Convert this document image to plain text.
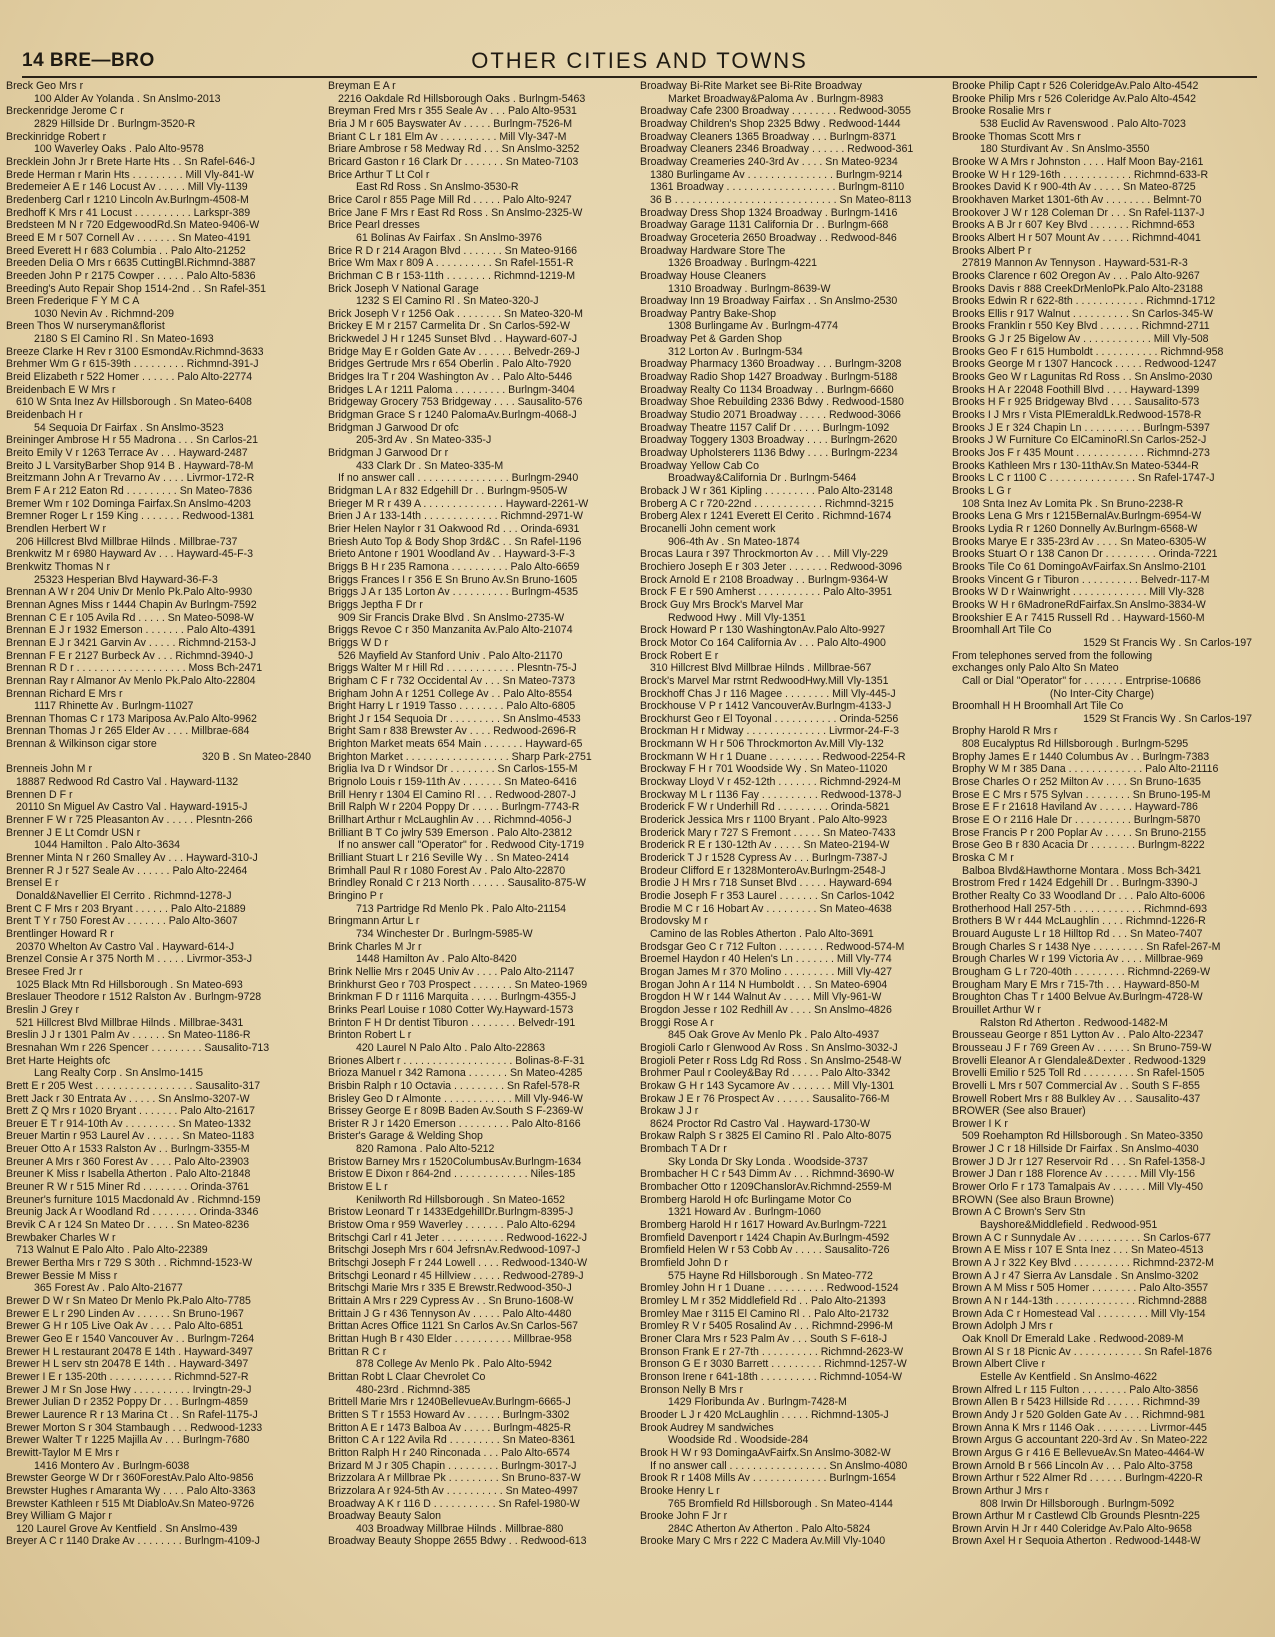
14 BRE—BRO	OTHER CITIES AND TOWNS
Breck Geo Mrs r
100 Alder Av Yolanda . Sn Anslmo-2013
Breckenridge Jerome C r
2829 Hillside Dr . Burlngm-3520-R
Breckinridge Robert r
100 Waverley Oaks . Palo Alto-9578
Brecklein John Jr r Brete Harte Hts . . Sn Rafel-646-J
Brede Herman r Marin Hts . . . . . . . . . Mill Vly-841-W
Bredemeier A E r 146 Locust Av . . . . . Mill Vly-1139
Bredenberg Carl r 1210 Lincoln Av.Burlngm-4508-M
Bredhoff K Mrs r 41 Locust . . . . . . . . . . Larkspr-389
Bredsteen M N r 720 EdgewoodRd.Sn Mateo-9406-W
Breed E M r 507 Cornell Av . . . . . . . Sn Mateo-4191
Breed Everett H r 683 Columbia . . Palo Alto-21252
Breeden Delia O Mrs r 6635 CuttingBl.Richmnd-3887
Breeden John P r 2175 Cowper . . . . . Palo Alto-5836
Breeding's Auto Repair Shop 1514-2nd . . Sn Rafel-351
Breen Frederique F Y M C A
1030 Nevin Av . Richmnd-209
Breen Thos W nurseryman&florist
2180 S El Camino Rl . Sn Mateo-1693
Breeze Clarke H Rev r 3100 EsmondAv.Richmnd-3633
Brehmer Wm G r 615-39th . . . . . . . . . Richmnd-391-J
Breid Elizabeth r 522 Homer . . . . . . Palo Alto-22774
Breidenbach E W Mrs r
610 W Snta Inez Av Hillsborough . Sn Mateo-6408
Breidenbach H r
54 Sequoia Dr Fairfax . Sn Anslmo-3523
Breininger Ambrose H r 55 Madrona . . . Sn Carlos-21
Breito Emily V r 1263 Terrace Av . . . Hayward-2487
Breito J L VarsityBarber Shop 914 B . Hayward-78-M
Breitzmann John A r Trevarno Av . . . . Livrmor-172-R
Brem F A r 212 Eaton Rd . . . . . . . . . Sn Mateo-7836
Bremer Wm r 102 Dominga Fairfax.Sn Anslmo-4203
Bremner Roger L r 159 King . . . . . . . Redwood-1381
Brendlen Herbert W r
206 Hillcrest Blvd Millbrae Hilnds . Millbrae-737
Brenkwitz M r 6980 Hayward Av . . . Hayward-45-F-3
Brenkwitz Thomas N r
25323 Hesperian Blvd Hayward-36-F-3
Brennan A W r 204 Univ Dr Menlo Pk.Palo Alto-9930
Brennan Agnes Miss r 1444 Chapin Av Burlngm-7592
Brennan C E r 105 Avila Rd . . . . . Sn Mateo-5098-W
Brennan E J r 1932 Emerson . . . . . . . Palo Alto-4391
Brennan E J r 3421 Garvin Av . . . . . Richmnd-2153-J
Brennan F E r 2127 Burbeck Av . . . Richmnd-3940-J
Brennan R D r . . . . . . . . . . . . . . . . . . . Moss Bch-2471
Brennan Ray r Almanor Av Menlo Pk.Palo Alto-22804
Brennan Richard E Mrs r
1117 Rhinette Av . Burlngm-11027
Brennan Thomas C r 173 Mariposa Av.Palo Alto-9962
Brennan Thomas J r 265 Elder Av . . . . Millbrae-684
Brennan & Wilkinson cigar store
320 B . Sn Mateo-2840
Brenneis John M r
18887 Redwood Rd Castro Val . Hayward-1132
Brennen D F r
20110 Sn Miguel Av Castro Val . Hayward-1915-J
Brenner F W r 725 Pleasanton Av . . . . . Plesntn-266
Brenner J E Lt Comdr USN r
1044 Hamilton . Palo Alto-3634
Brenner Minta N r 260 Smalley Av . . . Hayward-310-J
Brenner R J r 527 Seale Av . . . . . . Palo Alto-22464
Brensel E r
Donald&Navellier El Cerrito . Richmnd-1278-J
Brent C F Mrs r 203 Bryant . . . . . . Palo Alto-21889
Brent T Y r 750 Forest Av . . . . . . . Palo Alto-3607
Brentlinger Howard R r
20370 Whelton Av Castro Val . Hayward-614-J
Brenzel Consie A r 375 North M . . . . . Livrmor-353-J
Bresee Fred Jr r
1025 Black Mtn Rd Hillsborough . Sn Mateo-693
Breslauer Theodore r 1512 Ralston Av . Burlngm-9728
Breslin J Grey r
521 Hillcrest Blvd Millbrae Hilnds . Millbrae-3431
Breslin J J r 1301 Palm Av . . . . . . Sn Mateo-1186-R
Bresnahan Wm r 226 Spencer . . . . . . . . . Sausalito-713
Bret Harte Heights ofc
Lang Realty Corp . Sn Anslmo-1415
Brett E r 205 West . . . . . . . . . . . . . . . . . Sausalito-317
Brett Jack r 30 Entrata Av . . . . . Sn Anslmo-3207-W
Brett Z Q Mrs r 1020 Bryant . . . . . . . Palo Alto-21617
Breuer E T r 914-10th Av . . . . . . . . . Sn Mateo-1332
Breuer Martin r 953 Laurel Av . . . . . . Sn Mateo-1183
Breuer Otto A r 1533 Ralston Av . . Burlngm-3355-M
Breuner A Mrs r 360 Forest Av . . . . Palo Alto-23903
Breuner K Miss r Isabella Atherton . Palo Alto-21848
Breuner R W r 515 Miner Rd . . . . . . . . Orinda-3761
Breuner's furniture 1015 Macdonald Av . Richmnd-159
Breunig Jack A r Woodland Rd . . . . . . . . Orinda-3346
Brevik C A r 124 Sn Mateo Dr . . . . . Sn Mateo-8236
Brewbaker Charles W r
713 Walnut E Palo Alto . Palo Alto-22389
Brewer Bertha Mrs r 729 S 30th . . Richmnd-1523-W
Brewer Bessie M Miss r
365 Forest Av . Palo Alto-21677
Brewer D W r Sn Mateo Dr Menlo Pk.Palo Alto-7785
Brewer E L r 290 Linden Av . . . . . . Sn Bruno-1967
Brewer G H r 105 Live Oak Av . . . . Palo Alto-6851
Brewer Geo E r 1540 Vancouver Av . . Burlngm-7264
Brewer H L restaurant 20478 E 14th . Hayward-3497
Brewer H L serv stn 20478 E 14th . . Hayward-3497
Brewer I E r 135-20th . . . . . . . . . . . Richmnd-527-R
Brewer J M r Sn Jose Hwy . . . . . . . . . . Irvingtn-29-J
Brewer Julian D r 2352 Poppy Dr . . . Burlngm-4859
Brewer Laurence R r 13 Marina Ct . . Sn Rafel-1175-J
Brewer Morton S r 304 Stambaugh . . . Redwood-1233
Brewer Walter T r 1225 Majilla Av . . . Burlngm-7680
Brewitt-Taylor M E Mrs r
1416 Montero Av . Burlngm-6038
Brewster George W Dr r 360ForestAv.Palo Alto-9856
Brewster Hughes r Amaranta Wy . . . . Palo Alto-3363
Brewster Kathleen r 515 Mt DiabloAv.Sn Mateo-9726
Brey William G Major r
120 Laurel Grove Av Kentfield . Sn Anslmo-439
Breyer A C r 1140 Drake Av . . . . . . . . Burlngm-4109-J
Breyman E A r
2216 Oakdale Rd Hillsborough Oaks . Burlngm-5463
Breyman Fred Mrs r 355 Seale Av . . . Palo Alto-9531
Bria J M r 605 Bayswater Av . . . . . Burlngm-7526-M
Briant C L r 181 Elm Av . . . . . . . . . . Mill Vly-347-M
Briare Ambrose r 58 Medway Rd . . . Sn Anslmo-3252
Bricard Gaston r 16 Clark Dr . . . . . . . Sn Mateo-7103
Brice Arthur T Lt Col r
East Rd Ross . Sn Anslmo-3530-R
Brice Carol r 855 Page Mill Rd . . . . . Palo Alto-9247
Brice Jane F Mrs r East Rd Ross . Sn Anslmo-2325-W
Brice Pearl dresses
61 Bolinas Av Fairfax . Sn Anslmo-3976
Brice R D r 214 Aragon Blvd . . . . . . . Sn Mateo-9166
Brice Wm Max r 809 A . . . . . . . . . . Sn Rafel-1551-R
Brichman C B r 153-11th . . . . . . . . Richmnd-1219-M
Brick Joseph V National Garage
1232 S El Camino Rl . Sn Mateo-320-J
Brick Joseph V r 1256 Oak . . . . . . . . Sn Mateo-320-M
Brickey E M r 2157 Carmelita Dr . Sn Carlos-592-W
Brickwedel J H r 1245 Sunset Blvd . . Hayward-607-J
Bridge May E r Golden Gate Av . . . . . . Belvedr-269-J
Bridges Gertrude Mrs r 654 Oberlin . Palo Alto-7920
Bridges Ira T r 204 Washington Av . . Palo Alto-5446
Bridges L A r 1211 Paloma . . . . . . . . . Burlngm-3404
Bridgeway Grocery 753 Bridgeway . . . . Sausalito-576
Bridgman Grace S r 1240 PalomaAv.Burlngm-4068-J
Bridgman J Garwood Dr ofc
205-3rd Av . Sn Mateo-335-J
Bridgman J Garwood Dr r
433 Clark Dr . Sn Mateo-335-M
If no answer call . . . . . . . . . . . . . . . . Burlngm-2940
Bridgman L A r 832 Edgehill Dr . . Burlngm-9505-W
Brieger M R r 439 A . . . . . . . . . . . . . . Hayward-2261-W
Brien J A r 133-14th . . . . . . . . . . . . . Richmnd-2971-W
Brier Helen Naylor r 31 Oakwood Rd . . . Orinda-6931
Briesh Auto Top & Body Shop 3rd&C . . Sn Rafel-1196
Brieto Antone r 1901 Woodland Av . . Hayward-3-F-3
Briggs B H r 235 Ramona . . . . . . . . . . Palo Alto-6659
Briggs Frances I r 356 E Sn Bruno Av.Sn Bruno-1605
Briggs J A r 135 Lorton Av . . . . . . . . . . Burlngm-4535
Briggs Jeptha F Dr r
909 Sir Francis Drake Blvd . Sn Anslmo-2735-W
Briggs Revoe C r 350 Manzanita Av.Palo Alto-21074
Briggs W D r
526 Mayfield Av Stanford Univ . Palo Alto-21170
Briggs Walter M r Hill Rd . . . . . . . . . . . . Plesntn-75-J
Brigham C F r 732 Occidental Av . . . Sn Mateo-7373
Brigham John A r 1251 College Av . . Palo Alto-8554
Bright Harry L r 1919 Tasso . . . . . . . . Palo Alto-6805
Bright J r 154 Sequoia Dr . . . . . . . . . Sn Anslmo-4533
Bright Sam r 838 Brewster Av . . . . Redwood-2696-R
Brighton Market meats 654 Main . . . . . . . Hayward-65
Brighton Market . . . . . . . . . . . . . . . . . . Sharp Park-2751
Briglia Iva D r Windsor Dr . . . . . . . . Sn Carlos-155-M
Brignolo Louis r 159-11th Av . . . . . . . Sn Mateo-6416
Brill Henry r 1304 El Camino Rl . . . Redwood-2807-J
Brill Ralph W r 2204 Poppy Dr . . . . . Burlngm-7743-R
Brillhart Arthur r McLaughlin Av . . . Richmnd-4056-J
Brilliant B T Co jwlry 539 Emerson . Palo Alto-23812
If no answer call "Operator" for . Redwood City-1719
Brilliant Stuart L r 216 Seville Wy . . Sn Mateo-2414
Brimhall Paul R r 1080 Forest Av . Palo Alto-22870
Brindley Ronald C r 213 North . . . . . . Sausalito-875-W
Bringino P r
713 Partridge Rd Menlo Pk . Palo Alto-21154
Bringmann Artur L r
734 Winchester Dr . Burlngm-5985-W
Brink Charles M Jr r
1448 Hamilton Av . Palo Alto-8420
Brink Nellie Mrs r 2045 Univ Av . . . . Palo Alto-21147
Brinkhurst Geo r 703 Prospect . . . . . . . Sn Mateo-1969
Brinkman F D r 1116 Marquita . . . . . Burlngm-4355-J
Brinks Pearl Louise r 1080 Cotter Wy.Hayward-1573
Brinton F H Dr dentist Tiburon . . . . . . . . Belvedr-191
Brinton Robert L r
420 Laurel N Palo Alto . Palo Alto-22863
Briones Albert r . . . . . . . . . . . . . . . . . . . Bolinas-8-F-31
Brioza Manuel r 342 Ramona . . . . . . . Sn Mateo-4285
Brisbin Ralph r 10 Octavia . . . . . . . . . Sn Rafel-578-R
Brisley Geo D r Almonte . . . . . . . . . . . . Mill Vly-946-W
Brissey George E r 809B Baden Av.South S F-2369-W
Brister R J r 1420 Emerson . . . . . . . . . Palo Alto-8166
Brister's Garage & Welding Shop
820 Ramona . Palo Alto-5212
Bristow Barney Mrs r 1520ColumbusAv.Burlngm-1634
Bristow E Dixon r 864-2nd . . . . . . . . . . . . . Niles-185
Bristow E L r
Kenilworth Rd Hillsborough . Sn Mateo-1652
Bristow Leonard T r 1433EdgehillDr.Burlngm-8395-J
Bristow Oma r 959 Waverley . . . . . . . Palo Alto-6294
Britschgi Carl r 41 Jeter . . . . . . . . . . . Redwood-1622-J
Britschgi Joseph Mrs r 604 JefrsnAv.Redwood-1097-J
Britschgi Joseph F r 244 Lowell . . . . Redwood-1340-W
Britschgi Leonard r 45 Hillview . . . . . Redwood-2789-J
Britschgi Marie Mrs r 335 E Brewstr.Redwood-350-J
Brittain A Mrs r 229 Cypress Av . . Sn Bruno-1608-W
Brittain J G r 436 Tennyson Av . . . . . Palo Alto-4480
Brittan Acres Office 1121 Sn Carlos Av.Sn Carlos-567
Brittan Hugh B r 430 Elder . . . . . . . . . . Millbrae-958
Brittan R C r
878 College Av Menlo Pk . Palo Alto-5942
Brittan Robt L Claar Chevrolet Co
480-23rd . Richmnd-385
Brittell Marie Mrs r 1240BellevueAv.Burlngm-6665-J
Britten S T r 1553 Howard Av . . . . . . Burlngm-3302
Britton A E r 1473 Balboa Av . . . . . Burlngm-4825-R
Britton C A r 122 Avila Rd . . . . . . . . . Sn Mateo-8361
Britton Ralph H r 240 Rinconada . . . Palo Alto-6574
Brizard M J r 305 Chapin . . . . . . . . . Burlngm-3017-J
Brizzolara A r Millbrae Pk . . . . . . . . . Sn Bruno-837-W
Brizzolara A r 924-5th Av . . . . . . . . . . Sn Mateo-4997
Broadway A K r 116 D . . . . . . . . . . . Sn Rafel-1980-W
Broadway Beauty Salon
403 Broadway Millbrae Hilnds . Millbrae-880
Broadway Beauty Shoppe 2655 Bdwy . . Redwood-613
Broadway Bi-Rite Market see Bi-Rite Broadway
Market Broadway&Paloma Av . Burlngm-8983
Broadway Cafe 2300 Broadway . . . . . . . . Redwood-3055
Broadway Children's Shop 2325 Bdwy . Redwood-1444
Broadway Cleaners 1365 Broadway . . . Burlngm-8371
Broadway Cleaners 2346 Broadway . . . . . . Redwood-361
Broadway Creameries 240-3rd Av . . . . Sn Mateo-9234
1380 Burlingame Av . . . . . . . . . . . . . . . Burlngm-9214
1361 Broadway . . . . . . . . . . . . . . . . . . . Burlngm-8110
36 B . . . . . . . . . . . . . . . . . . . . . . . . . . . . Sn Mateo-8113
Broadway Dress Shop 1324 Broadway . Burlngm-1416
Broadway Garage 1131 California Dr . . Burlngm-668
Broadway Groceteria 2650 Broadway . . Redwood-846
Broadway Hardware Store The
1326 Broadway . Burlngm-4221
Broadway House Cleaners
1310 Broadway . Burlngm-8639-W
Broadway Inn 19 Broadway Fairfax . . Sn Anslmo-2530
Broadway Pantry Bake-Shop
1308 Burlingame Av . Burlngm-4774
Broadway Pet & Garden Shop
312 Lorton Av . Burlngm-534
Broadway Pharmacy 1360 Broadway . . . Burlngm-3208
Broadway Radio Shop 1427 Broadway . Burlngm-5188
Broadway Realty Co 1134 Broadway . . Burlngm-6660
Broadway Shoe Rebuilding 2336 Bdwy . Redwood-1580
Broadway Studio 2071 Broadway . . . . . Redwood-3066
Broadway Theatre 1157 Calif Dr . . . . . Burlngm-1092
Broadway Toggery 1303 Broadway . . . . Burlngm-2620
Broadway Upholsterers 1136 Bdwy . . . . Burlngm-2234
Broadway Yellow Cab Co
Broadway&California Dr . Burlngm-5464
Broback J W r 361 Kipling . . . . . . . . . Palo Alto-23148
Broberg A C r 720-22nd . . . . . . . . . . . . Richmnd-3215
Broberg Alex r 1241 Everett El Cerito . Richmnd-1674
Brocanelli John cement work
906-4th Av . Sn Mateo-1874
Brocas Laura r 397 Throckmorton Av . . . Mill Vly-229
Brochiero Joseph E r 303 Jeter . . . . . . . Redwood-3096
Brock Arnold E r 2108 Broadway . . Burlngm-9364-W
Brock F E r 590 Amherst . . . . . . . . . . . Palo Alto-3951
Brock Guy Mrs Brock's Marvel Mar
Redwood Hwy . Mill Vly-1351
Brock Howard P r 130 WashingtonAv.Palo Alto-9927
Brock Motor Co 164 California Av . . . Palo Alto-4900
Brock Robert E r
310 Hillcrest Blvd Millbrae Hilnds . Millbrae-567
Brock's Marvel Mar rstrnt RedwoodHwy.Mill Vly-1351
Brockhoff Chas J r 116 Magee . . . . . . . . Mill Vly-445-J
Brockhouse V P r 1412 VancouverAv.Burlngm-4133-J
Brockhurst Geo r El Toyonal . . . . . . . . . . . Orinda-5256
Brockman H r Midway . . . . . . . . . . . . . . Livrmor-24-F-3
Brockmann W H r 506 Throckmorton Av.Mill Vly-132
Brockmann W H r 1 Duane . . . . . . . . . Redwood-2254-R
Brockway F H r 701 Woodside Wy . Sn Mateo-11020
Brockway Lloyd V r 452-12th . . . . . . . Richmnd-2924-M
Brockway M L r 1136 Fay . . . . . . . . . . Redwood-1378-J
Broderick F W r Underhill Rd . . . . . . . . . Orinda-5821
Broderick Jessica Mrs r 1100 Bryant . Palo Alto-9923
Broderick Mary r 727 S Fremont . . . . . Sn Mateo-7433
Broderick R E r 130-12th Av . . . . . Sn Mateo-2194-W
Broderick T J r 1528 Cypress Av . . . Burlngm-7387-J
Brodeur Clifford E r 1328MonteroAv.Burlngm-2548-J
Brodie J H Mrs r 718 Sunset Blvd . . . . . Hayward-694
Brodie Joseph F r 353 Laurel . . . . . . . Sn Carlos-1042
Brodie M C r 16 Hobart Av . . . . . . . . . Sn Mateo-4638
Brodovsky M r
Camino de las Robles Atherton . Palo Alto-3691
Brodsgar Geo C r 712 Fulton . . . . . . . . Redwood-574-M
Broemel Haydon r 40 Helen's Ln . . . . . . . Mill Vly-774
Brogan James M r 370 Molino . . . . . . . . . Mill Vly-427
Brogan John A r 114 N Humboldt . . . Sn Mateo-6904
Brogdon H W r 144 Walnut Av . . . . . Mill Vly-961-W
Brogdon Jesse r 102 Redhill Av . . . . Sn Anslmo-4826
Broggi Rose A r
845 Oak Grove Av Menlo Pk . Palo Alto-4937
Brogioli Carlo r Glenwood Av Ross . Sn Anslmo-3032-J
Brogioli Peter r Ross Ldg Rd Ross . Sn Anslmo-2548-W
Brohmer Paul r Cooley&Bay Rd . . . . . Palo Alto-3342
Brokaw G H r 143 Sycamore Av . . . . . . . Mill Vly-1301
Brokaw J E r 76 Prospect Av . . . . . . Sausalito-766-M
Brokaw J J r
8624 Proctor Rd Castro Val . Hayward-1730-W
Brokaw Ralph S r 3825 El Camino Rl . Palo Alto-8075
Brombach T A Dr r
Sky Londa Dr Sky Londa . Woodside-3737
Brombacher H C r 543 Dimm Av . . . Richmnd-3690-W
Brombacher Otto r 1209ChanslorAv.Richmnd-2559-M
Bromberg Harold H ofc Burlingame Motor Co
1321 Howard Av . Burlngm-1060
Bromberg Harold H r 1617 Howard Av.Burlngm-7221
Bromfield Davenport r 1424 Chapin Av.Burlngm-4592
Bromfield Helen W r 53 Cobb Av . . . . . Sausalito-726
Bromfield John D r
575 Hayne Rd Hillsborough . Sn Mateo-772
Bromley John H r 1 Duane . . . . . . . . . . Redwood-1524
Bromley L M r 352 Middlefield Rd . . Palo Alto-21393
Bromley Mae r 3115 El Camino Rl . . Palo Alto-21732
Bromley R V r 5405 Rosalind Av . . . Richmnd-2996-M
Broner Clara Mrs r 523 Palm Av . . . South S F-618-J
Bronson Frank E r 27-7th . . . . . . . . . . Richmnd-2623-W
Bronson G E r 3030 Barrett . . . . . . . . . Richmnd-1257-W
Bronson Irene r 641-18th . . . . . . . . . . Richmnd-1054-W
Bronson Nelly B Mrs r
1429 Floribunda Av . Burlngm-7428-M
Brooder L J r 420 McLaughlin . . . . . Richmnd-1305-J
Brook Audrey M sandwiches
Woodside Rd . Woodside-284
Brook H W r 93 DomingaAvFairfx.Sn Anslmo-3082-W
If no answer call . . . . . . . . . . . . . . . . . Sn Anslmo-4080
Brook R r 1408 Mills Av . . . . . . . . . . . . . Burlngm-1654
Brooke Henry L r
765 Bromfield Rd Hillsborough . Sn Mateo-4144
Brooke John F Jr r
284C Atherton Av Atherton . Palo Alto-5824
Brooke Mary C Mrs r 222 C Madera Av.Mill Vly-1040
Brooke Philip Capt r 526 ColeridgeAv.Palo Alto-4542
Brooke Philip Mrs r 526 Coleridge Av.Palo Alto-4542
Brooke Rosalie Mrs r
538 Euclid Av Ravenswood . Palo Alto-7023
Brooke Thomas Scott Mrs r
180 Sturdivant Av . Sn Anslmo-3550
Brooke W A Mrs r Johnston . . . . Half Moon Bay-2161
Brooke W H r 129-16th . . . . . . . . . . . . Richmnd-633-R
Brookes David K r 900-4th Av . . . . . Sn Mateo-8725
Brookhaven Market 1301-6th Av . . . . . . . . Belmnt-70
Brookover J W r 128 Coleman Dr . . . Sn Rafel-1137-J
Brooks A B Jr r 607 Key Blvd . . . . . . . Richmnd-653
Brooks Albert H r 507 Mount Av . . . . . Richmnd-4041
Brooks Albert P r
27819 Mannon Av Tennyson . Hayward-531-R-3
Brooks Clarence r 602 Oregon Av . . . Palo Alto-9267
Brooks Davis r 888 CreekDrMenloPk.Palo Alto-23188
Brooks Edwin R r 622-8th . . . . . . . . . . . . Richmnd-1712
Brooks Ellis r 917 Walnut . . . . . . . . . . Sn Carlos-345-W
Brooks Franklin r 550 Key Blvd . . . . . . . Richmnd-2711
Brooks G J r 25 Bigelow Av . . . . . . . . . . . . Mill Vly-508
Brooks Geo F r 615 Humboldt . . . . . . . . . . . Richmnd-958
Brooks George M r 1307 Hancock . . . . . Redwood-1247
Brooks Geo W r Lagunitas Rd Ross . . Sn Anslmo-2030
Brooks H A r 22048 Foothill Blvd . . . . Hayward-1399
Brooks H F r 925 Bridgeway Blvd . . . . Sausalito-573
Brooks I J Mrs r Vista PlEmeraldLk.Redwood-1578-R
Brooks J E r 324 Chapin Ln . . . . . . . . . . Burlngm-5397
Brooks J W Furniture Co ElCaminoRl.Sn Carlos-252-J
Brooks Jos F r 435 Mount . . . . . . . . . . . . Richmnd-273
Brooks Kathleen Mrs r 130-11thAv.Sn Mateo-5344-R
Brooks L C r 1100 C . . . . . . . . . . . . . . . Sn Rafel-1747-J
Brooks L G r
108 Snta Inez Av Lomita Pk . Sn Bruno-2238-R
Brooks Lena G Mrs r 1215BernalAv.Burlngm-6954-W
Brooks Lydia R r 1260 Donnelly Av.Burlngm-6568-W
Brooks Marye E r 335-23rd Av . . . . Sn Mateo-6305-W
Brooks Stuart O r 138 Canon Dr . . . . . . . . . Orinda-7221
Brooks Tile Co 61 DomingoAvFairfax.Sn Anslmo-2101
Brooks Vincent G r Tiburon . . . . . . . . . . Belvedr-117-M
Brooks W D r Wainwright . . . . . . . . . . . . . Mill Vly-328
Brooks W H r 6MadroneRdFairfax.Sn Anslmo-3834-W
Brookshier E A r 7415 Russell Rd . . Hayward-1560-M
Broomhall Art Tile Co
1529 St Francis Wy . Sn Carlos-197
From telephones served from the following
exchanges only Palo Alto Sn Mateo
Call or Dial "Operator" for . . . . . . . Entrprise-10686
(No Inter-City Charge)
Broomhall H H Broomhall Art Tile Co
1529 St Francis Wy . Sn Carlos-197
Brophy Harold R Mrs r
808 Eucalyptus Rd Hillsborough . Burlngm-5295
Brophy James E r 1440 Columbus Av . . Burlngm-7383
Brophy W M r 385 Dana . . . . . . . . . . . . . Palo Alto-21116
Brose Charles O r 252 Milton Av . . . . Sn Bruno-1635
Brose E C Mrs r 575 Sylvan . . . . . . . . Sn Bruno-195-M
Brose E F r 21618 Haviland Av . . . . . . Hayward-786
Brose E O r 2116 Hale Dr . . . . . . . . . . Burlngm-5870
Brose Francis P r 200 Poplar Av . . . . . Sn Bruno-2155
Brose Geo B r 830 Acacia Dr . . . . . . . . Burlngm-8222
Broska C M r
Balboa Blvd&Hawthorne Montara . Moss Bch-3421
Brostrom Fred r 1424 Edgehill Dr . . Burlngm-3390-J
Brother Realty Co 33 Woodland Dr . . . Palo Alto-6006
Brotherhood Hall 257-5th . . . . . . . . . . . . Richmnd-693
Brothers B W r 444 McLaughlin . . . . Richmnd-1226-R
Brouard Auguste L r 18 Hilltop Rd . . . Sn Mateo-7407
Brough Charles S r 1438 Nye . . . . . . . . . Sn Rafel-267-M
Brough Charles W r 199 Victoria Av . . . . Millbrae-969
Brougham G L r 720-40th . . . . . . . . . Richmnd-2269-W
Brougham Mary E Mrs r 715-7th . . . Hayward-850-M
Broughton Chas T r 1400 Belvue Av.Burlngm-4728-W
Brouillet Arthur W r
Ralston Rd Atherton . Redwood-1482-M
Brousseau George r 851 Lytton Av . . Palo Alto-22347
Brousseau J F r 769 Green Av . . . . . . Sn Bruno-759-W
Brovelli Eleanor A r Glendale&Dexter . Redwood-1329
Brovelli Emilio r 525 Toll Rd . . . . . . . . . Sn Rafel-1505
Brovelli L Mrs r 507 Commercial Av . . South S F-855
Browell Robert Mrs r 88 Bulkley Av . . . Sausalito-437
BROWER (See also Brauer)
Brower I K r
509 Roehampton Rd Hillsborough . Sn Mateo-3350
Brower J C r 18 Hillside Dr Fairfax . Sn Anslmo-4030
Brower J D Jr r 127 Reservoir Rd . . . Sn Rafel-1358-J
Brower J Dan r 188 Florence Av . . . . . . Mill Vly-156
Brower Orlo F r 173 Tamalpais Av . . . . . . Mill Vly-450
BROWN (See also Braun Browne)
Brown A C Brown's Serv Stn
Bayshore&Middlefield . Redwood-951
Brown A C r Sunnydale Av . . . . . . . . . . . Sn Carlos-677
Brown A E Miss r 107 E Snta Inez . . . Sn Mateo-4513
Brown A J r 322 Key Blvd . . . . . . . . . . Richmnd-2372-M
Brown A J r 47 Sierra Av Lansdale . Sn Anslmo-3202
Brown A M Miss r 505 Homer . . . . . . . . Palo Alto-3557
Brown A N r 144-13th . . . . . . . . . . . . . . Richmnd-2888
Brown Ada C r Homestead Val . . . . . . . . . Mill Vly-154
Brown Adolph J Mrs r
Oak Knoll Dr Emerald Lake . Redwood-2089-M
Brown Al S r 18 Picnic Av . . . . . . . . . . . . Sn Rafel-1876
Brown Albert Clive r
Estelle Av Kentfield . Sn Anslmo-4622
Brown Alfred L r 115 Fulton . . . . . . . . Palo Alto-3856
Brown Allen B r 5423 Hillside Rd . . . . . . Richmnd-39
Brown Andy J r 520 Golden Gate Av . . . Richmnd-981
Brown Anna K Mrs r 1146 Oak . . . . . . . . . Livrmor-445
Brown Argus G accountant 220-3rd Av . Sn Mateo-222
Brown Argus G r 416 E BellevueAv.Sn Mateo-4464-W
Brown Arnold B r 566 Lincoln Av . . . Palo Alto-3758
Brown Arthur r 522 Almer Rd . . . . . . Burlngm-4220-R
Brown Arthur J Mrs r
808 Irwin Dr Hillsborough . Burlngm-5092
Brown Arthur M r Castlewd Clb Grounds Plesntn-225
Brown Arvin H Jr r 440 Coleridge Av.Palo Alto-9658
Brown Axel H r Sequoia Atherton . Redwood-1448-W
